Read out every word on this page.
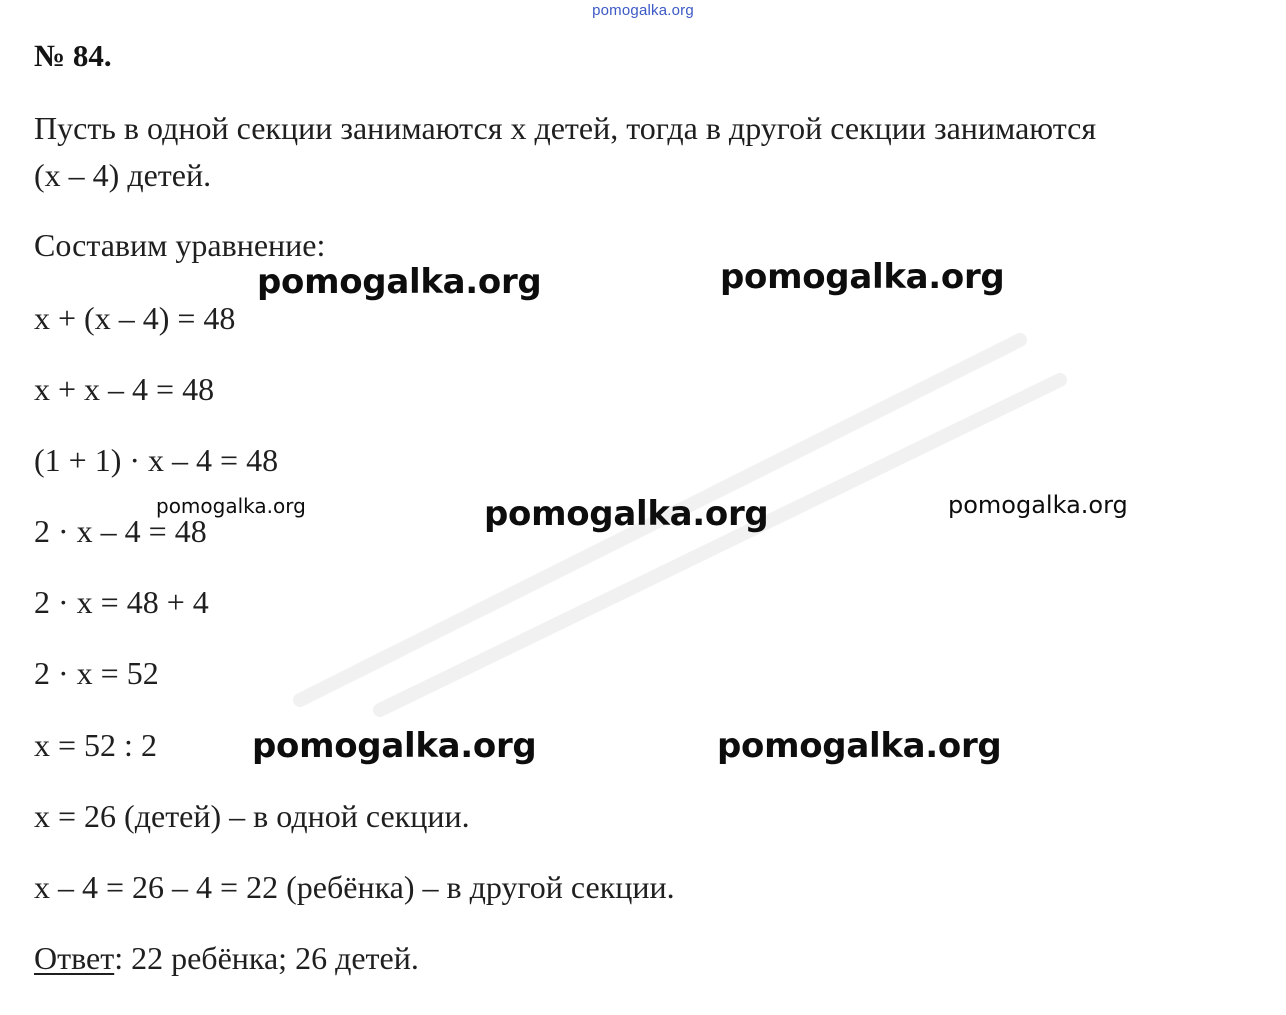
pomogalka.org
№ 84.
Пусть в одной секции занимаются х детей, тогда в другой секции занимаются
(х – 4) детей.
Составим уравнение:
х + (х – 4) = 48
х + х – 4 = 48
(1 + 1) · х – 4 = 48
2 · х – 4 = 48
2 · х = 48 + 4
2 · х = 52
х = 52 : 2
х = 26 (детей) – в одной секции.
х – 4 = 26 – 4 = 22 (ребёнка) – в другой секции.
Ответ: 22 ребёнка; 26 детей.
pomogalka.org	pomogalka.org
pomogalka.org	pomogalka.org	pomogalka.org
pomogalka.org	pomogalka.org
